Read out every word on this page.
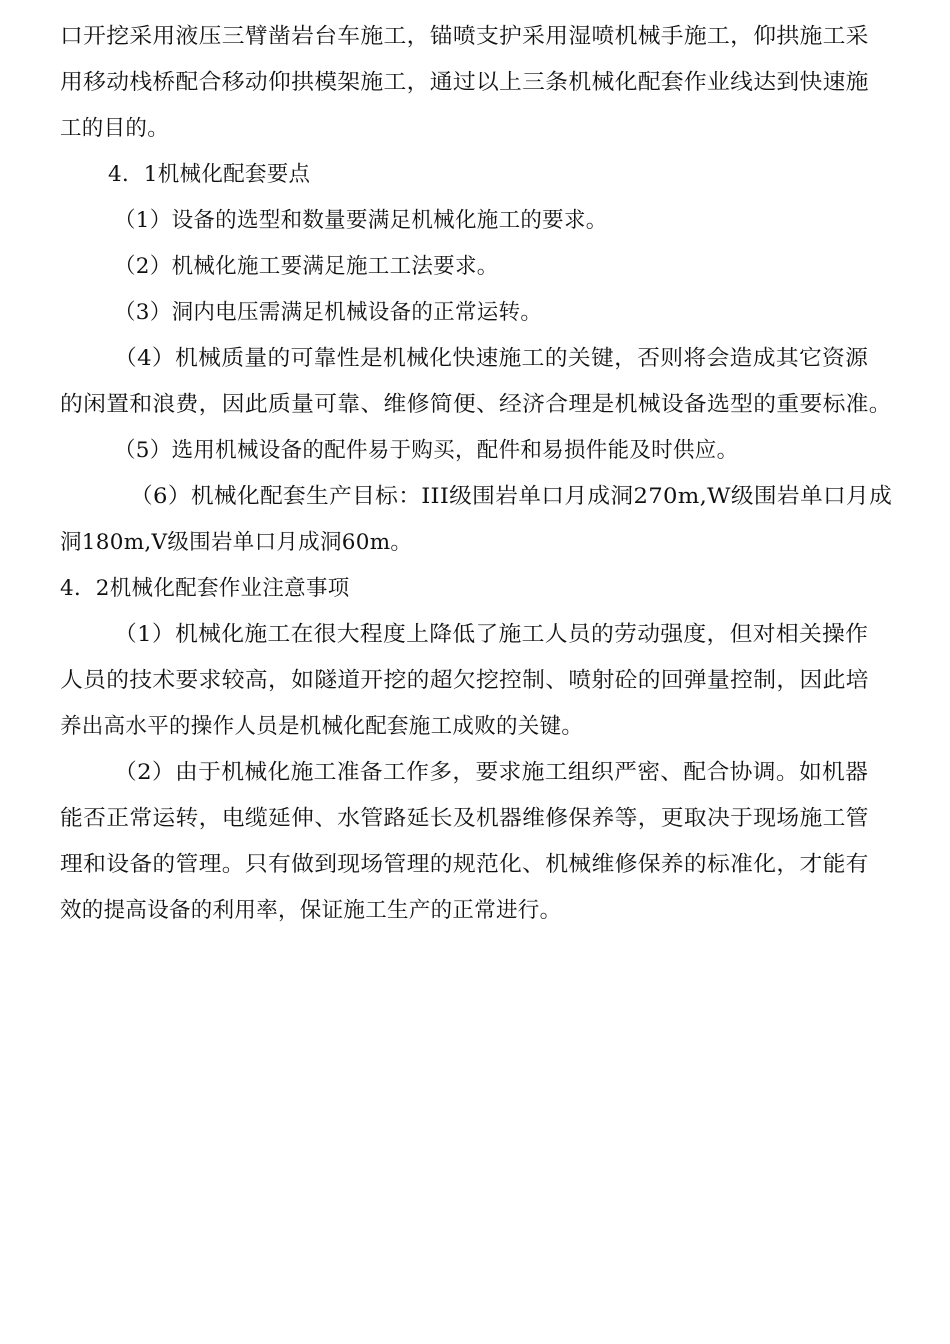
口开挖采用液压三臂凿岩台车施工，锚喷支护采用湿喷机械手施工，仰拱施工采
用移动栈桥配合移动仰拱模架施工，通过以上三条机械化配套作业线达到快速施
工的目的。
4．1机械化配套要点
（1）设备的选型和数量要满足机械化施工的要求。
（2）机械化施工要满足施工工法要求。
（3）洞内电压需满足机械设备的正常运转。
（4）机械质量的可靠性是机械化快速施工的关键，否则将会造成其它资源
的闲置和浪费，因此质量可靠、维修简便、经济合理是机械设备选型的重要标准。
（5）选用机械设备的配件易于购买，配件和易损件能及时供应。
（6）机械化配套生产目标：III级围岩单口月成洞270m,W级围岩单口月成
洞180m,V级围岩单口月成洞60m。
4．2机械化配套作业注意事项
（1）机械化施工在很大程度上降低了施工人员的劳动强度，但对相关操作
人员的技术要求较高，如隧道开挖的超欠挖控制、喷射砼的回弹量控制，因此培
养出高水平的操作人员是机械化配套施工成败的关键。
（2）由于机械化施工准备工作多，要求施工组织严密、配合协调。如机器
能否正常运转，电缆延伸、水管路延长及机器维修保养等，更取决于现场施工管
理和设备的管理。只有做到现场管理的规范化、机械维修保养的标准化，才能有
效的提高设备的利用率，保证施工生产的正常进行。
